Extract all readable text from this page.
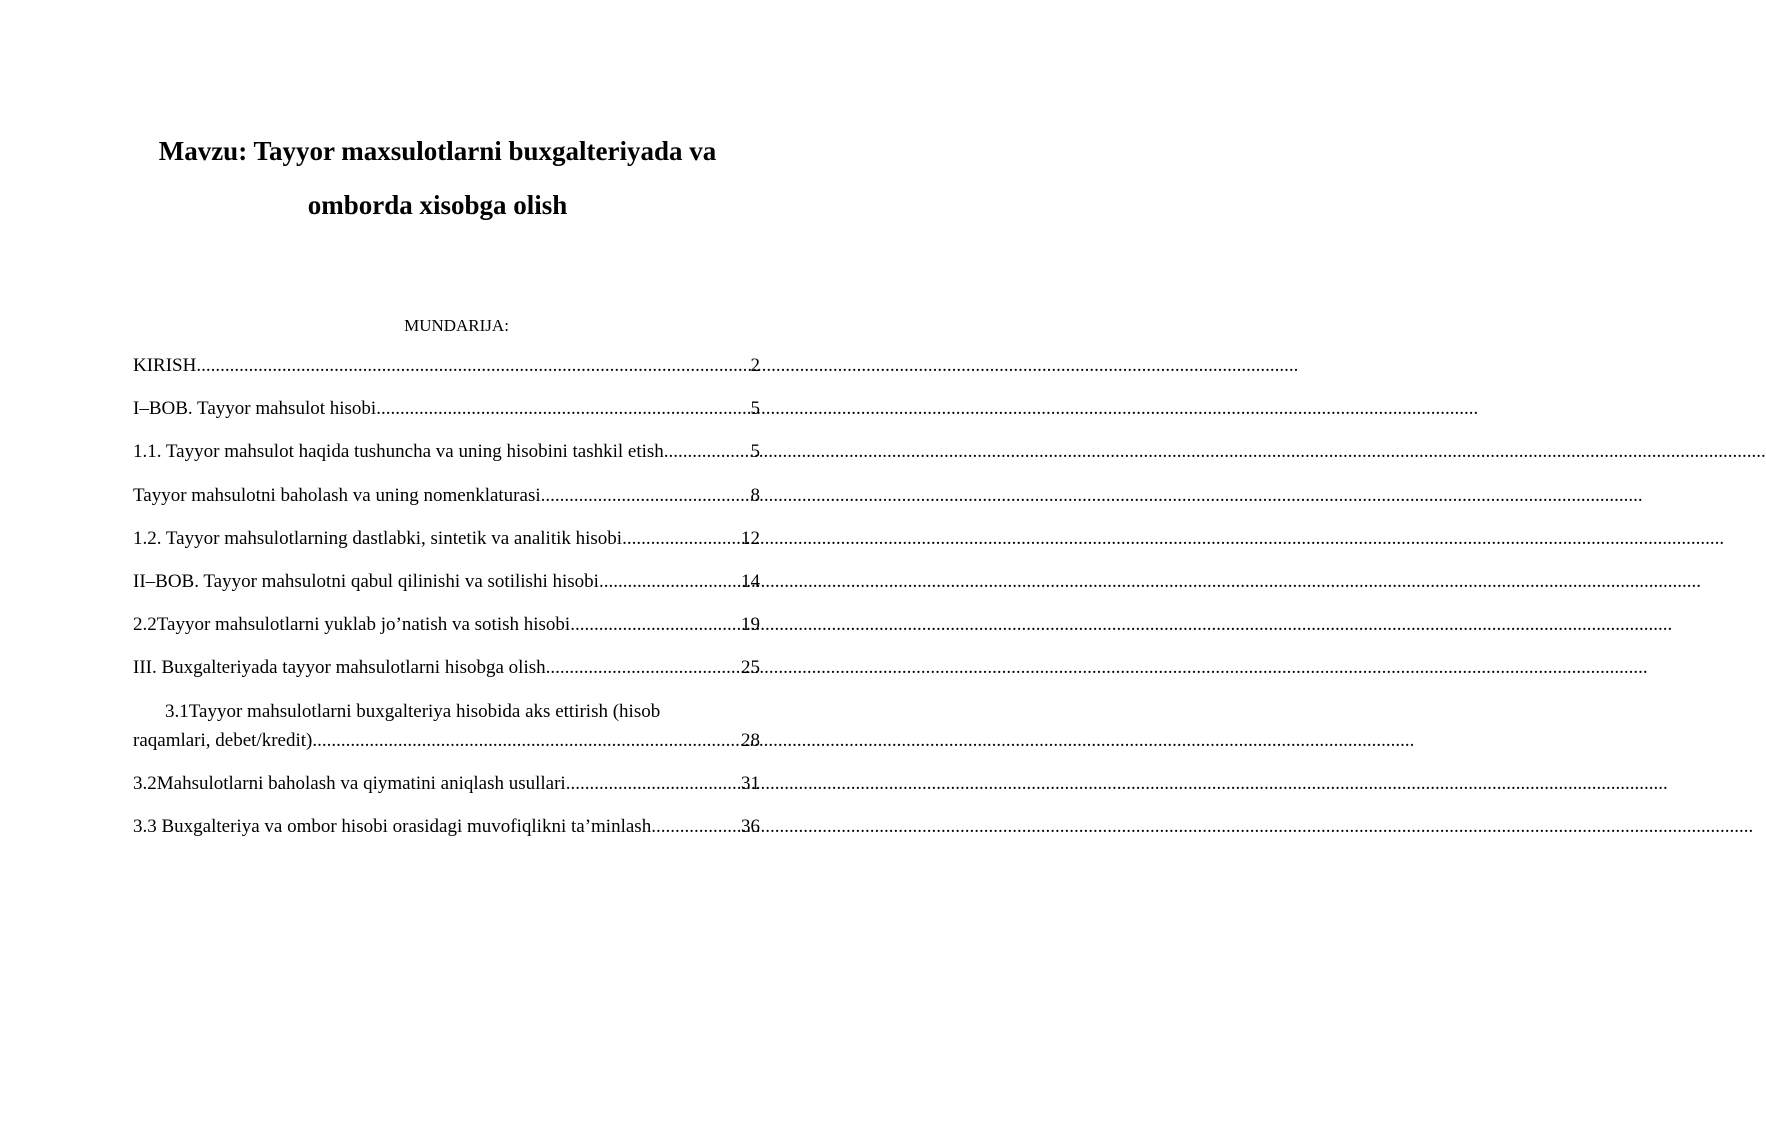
Mavzu: Tayyor maxsulotlarni buxgalteriyada va
omborda xisobga olish
MUNDARIJA:
KIRISH .....	2
I–BOB. Tayyor mahsulot hisobi .....	5
1.1. Tayyor mahsulot haqida tushuncha va uning hisobini tashkil etish .....	5
Tayyor mahsulotni baholash va uning nomenklaturasi .....	8
1.2. Tayyor mahsulotlarning dastlabki, sintetik va analitik hisobi .....	12
II–BOB. Tayyor mahsulotni qabul qilinishi va sotilishi hisobi .....	14
2.2Tayyor mahsulotlarni yuklab jo’natish va sotish hisobi .....	19
III. Buxgalteriyada tayyor mahsulotlarni hisobga olish .....	25
3.1Tayyor mahsulotlarni buxgalteriya hisobida aks ettirish (hisob
raqamlari, debet/kredit) .....	28
3.2Mahsulotlarni baholash va qiymatini aniqlash usullari .....	31
3.3 Buxgalteriya va ombor hisobi orasidagi muvofiqlikni ta’minlash .....	36
